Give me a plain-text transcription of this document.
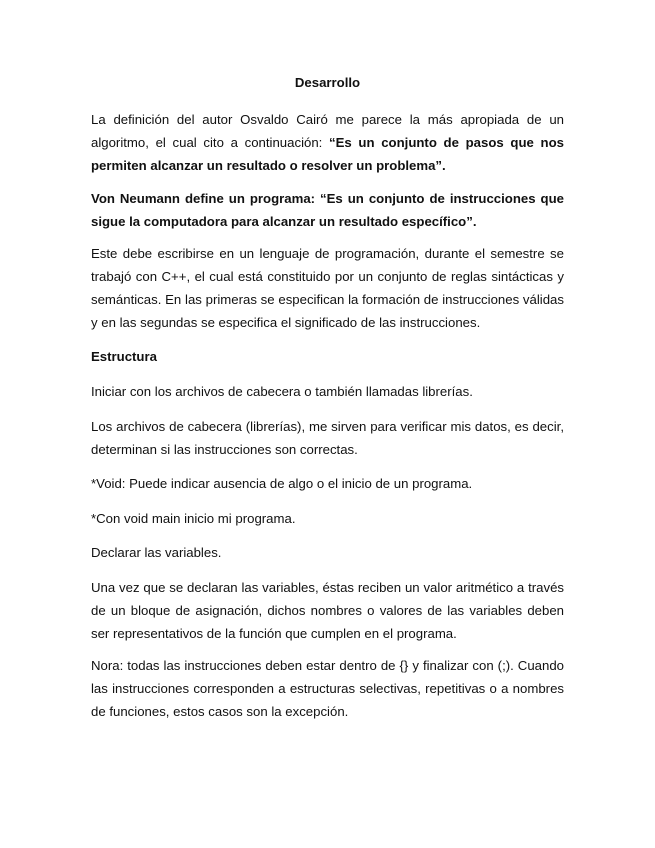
Desarrollo

La definición del autor Osvaldo Cairó me parece la más apropiada de un algoritmo, el cual cito a continuación: “Es un conjunto de pasos que nos permiten alcanzar un resultado o resolver un problema”.

Von Neumann define un programa: “Es un conjunto de instrucciones que sigue la computadora para alcanzar un resultado específico”.

Este debe escribirse en un lenguaje de programación, durante el semestre se trabajó con C++, el cual está constituido por un conjunto de reglas sintácticas y semánticas. En las primeras se especifican la formación de instrucciones válidas y en las segundas se especifica el significado de las instrucciones.

Estructura

Iniciar con los archivos de cabecera o también llamadas librerías.

Los archivos de cabecera (librerías), me sirven para verificar mis datos, es decir, determinan si las instrucciones son correctas.

*Void: Puede indicar ausencia de algo o el inicio de un programa.

*Con void main inicio mi programa.

Declarar las variables.

Una vez que se declaran las variables, éstas reciben un valor aritmético a través de un bloque de asignación, dichos nombres o valores de las variables deben ser representativos de la función que cumplen en el programa.

Nora: todas las instrucciones deben estar dentro de {} y finalizar con (;). Cuando las instrucciones corresponden a estructuras selectivas, repetitivas o a nombres de funciones, estos casos son la excepción.
